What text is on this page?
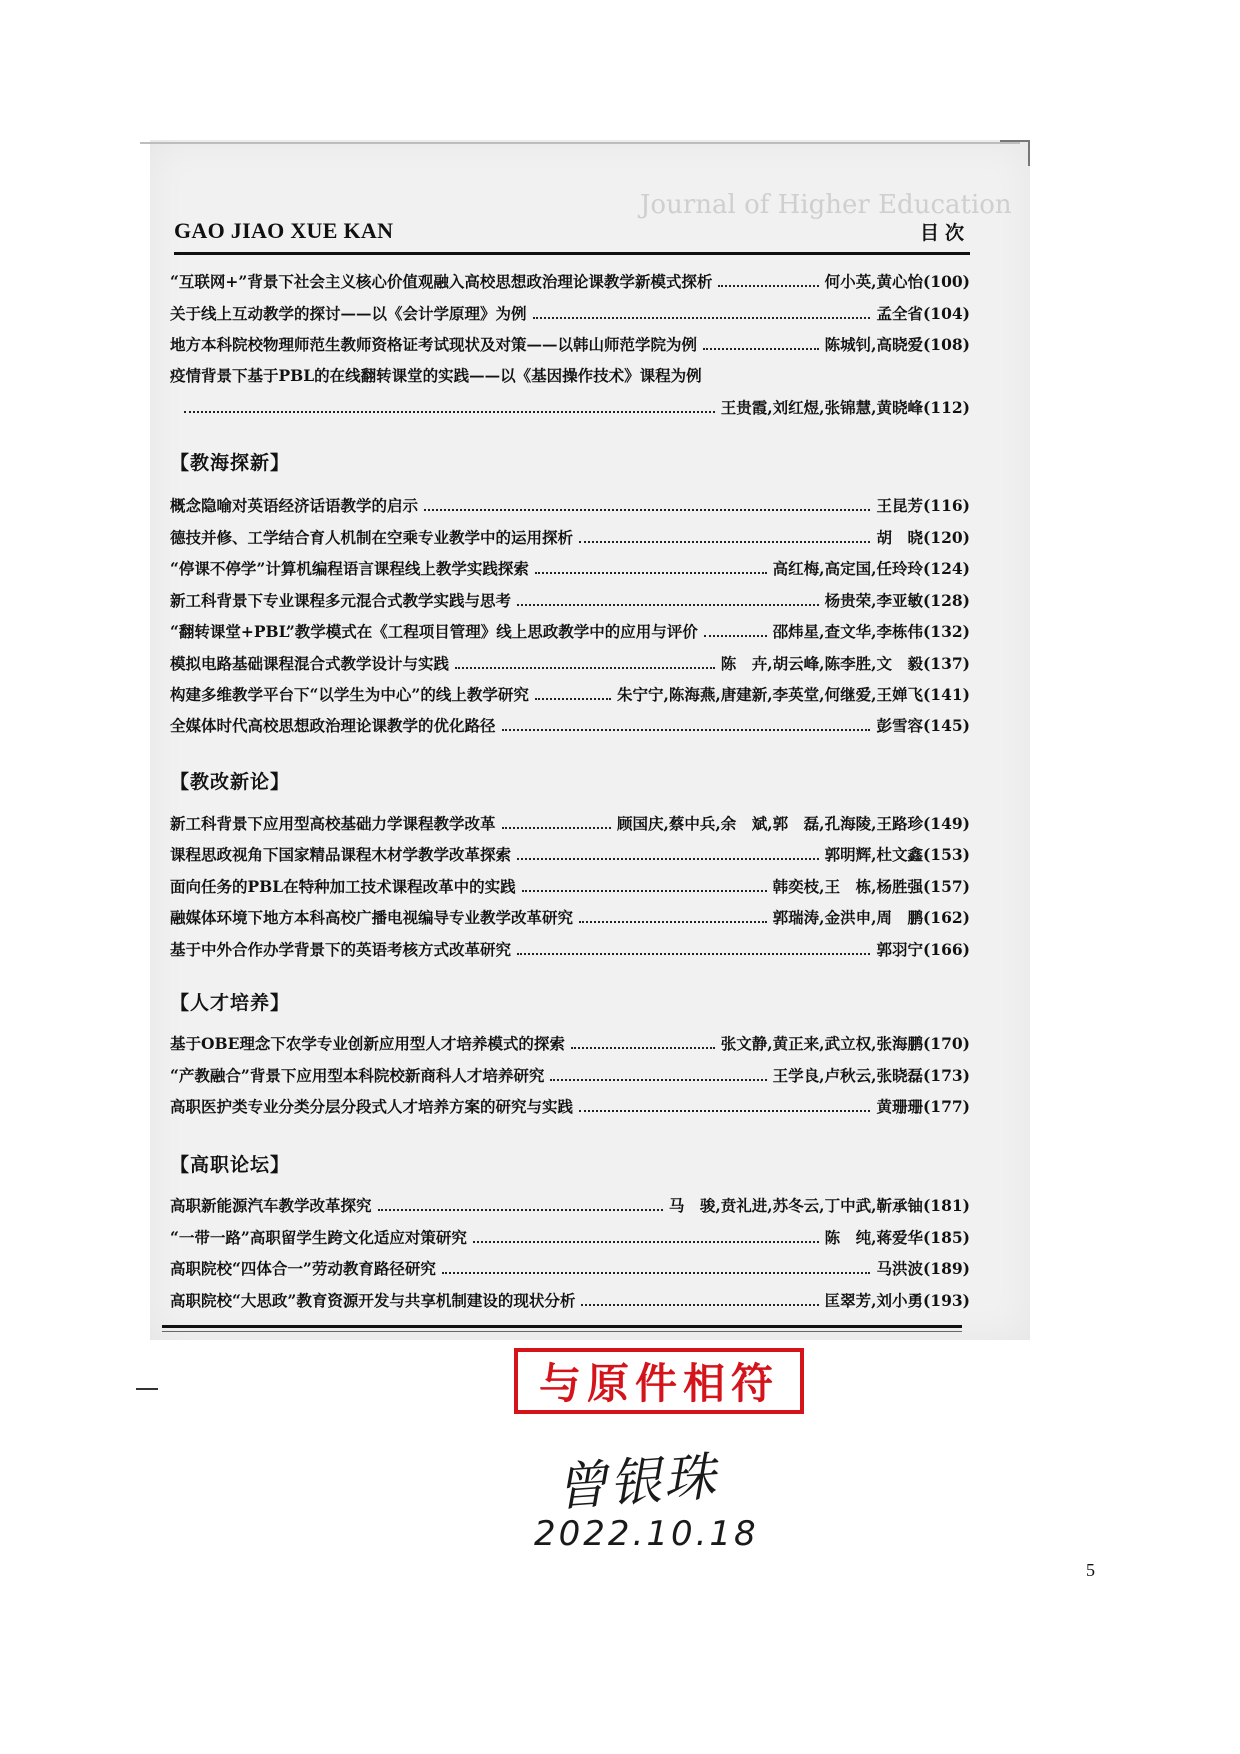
Journal of Higher Education
GAO JIAO XUE KAN	目次
“互联网+”背景下社会主义核心价值观融入高校思想政治理论课教学新模式探析	何小英,黄心怡(100)
关于线上互动教学的探讨——以《会计学原理》为例	孟全省(104)
地方本科院校物理师范生教师资格证考试现状及对策——以韩山师范学院为例	陈城钊,高晓爱(108)
疫情背景下基于PBL的在线翻转课堂的实践——以《基因操作技术》课程为例
王贵霞,刘红煜,张锦慧,黄晓峰(112)
【教海探新】
概念隐喻对英语经济话语教学的启示	王昆芳(116)
德技并修、工学结合育人机制在空乘专业教学中的运用探析	胡　晓(120)
“停课不停学”计算机编程语言课程线上教学实践探索	高红梅,高定国,任玲玲(124)
新工科背景下专业课程多元混合式教学实践与思考	杨贵荣,李亚敏(128)
“翻转课堂+PBL”教学模式在《工程项目管理》线上思政教学中的应用与评价	邵炜星,查文华,李栋伟(132)
模拟电路基础课程混合式教学设计与实践	陈　卉,胡云峰,陈李胜,文　毅(137)
构建多维教学平台下“以学生为中心”的线上教学研究	朱宁宁,陈海燕,唐建新,李英堂,何继爱,王婵飞(141)
全媒体时代高校思想政治理论课教学的优化路径	彭雪容(145)
【教改新论】
新工科背景下应用型高校基础力学课程教学改革	顾国庆,蔡中兵,余　斌,郭　磊,孔海陵,王路珍(149)
课程思政视角下国家精品课程木材学教学改革探索	郭明辉,杜文鑫(153)
面向任务的PBL在特种加工技术课程改革中的实践	韩奕枝,王　栋,杨胜强(157)
融媒体环境下地方本科高校广播电视编导专业教学改革研究	郭瑞涛,金洪申,周　鹏(162)
基于中外合作办学背景下的英语考核方式改革研究	郭羽宁(166)
【人才培养】
基于OBE理念下农学专业创新应用型人才培养模式的探索	张文静,黄正来,武立权,张海鹏(170)
“产教融合”背景下应用型本科院校新商科人才培养研究	王学良,卢秋云,张晓磊(173)
高职医护类专业分类分层分段式人才培养方案的研究与实践	黄珊珊(177)
【高职论坛】
高职新能源汽车教学改革探究	马　骏,贲礼进,苏冬云,丁中武,靳承铀(181)
“一带一路”高职留学生跨文化适应对策研究	陈　纯,蒋爱华(185)
高职院校“四体合一”劳动教育路径研究	马洪波(189)
高职院校“大思政”教育资源开发与共享机制建设的现状分析	匡翠芳,刘小勇(193)
与原件相符
曾银珠
2022.10.18
5
